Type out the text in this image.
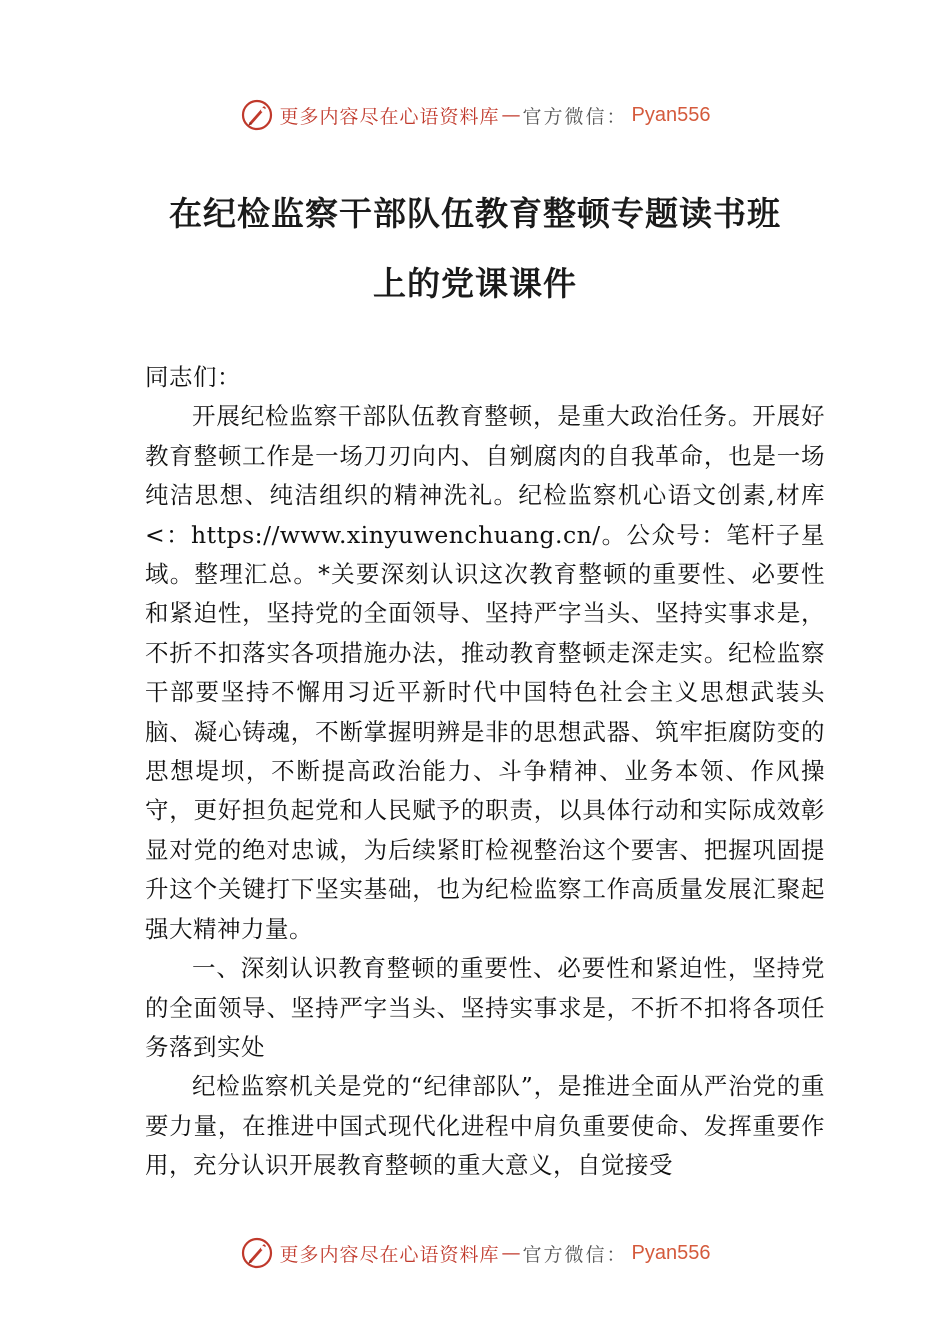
更多内容尽在心语资料库 — 官方微信： Pyan556
在纪检监察干部队伍教育整顿专题读书班
上的党课课件

同志们：

开展纪检监察干部队伍教育整顿，是重大政治任务。开展好教育整顿工作是一场刀刃向内、自剜腐肉的自我革命，也是一场纯洁思想、纯洁组织的精神洗礼。纪检监察机心语文创素,材库<：https://www.xinyuwenchuang.cn/。公众号：笔杆子星域。整理汇总。*关要深刻认识这次教育整顿的重要性、必要性和紧迫性，坚持党的全面领导、坚持严字当头、坚持实事求是，不折不扣落实各项措施办法，推动教育整顿走深走实。纪检监察干部要坚持不懈用习近平新时代中国特色社会主义思想武装头脑、凝心铸魂，不断掌握明辨是非的思想武器、筑牢拒腐防变的思想堤坝，不断提高政治能力、斗争精神、业务本领、作风操守，更好担负起党和人民赋予的职责，以具体行动和实际成效彰显对党的绝对忠诚，为后续紧盯检视整治这个要害、把握巩固提升这个关键打下坚实基础，也为纪检监察工作高质量发展汇聚起强大精神力量。

一、深刻认识教育整顿的重要性、必要性和紧迫性，坚持党的全面领导、坚持严字当头、坚持实事求是，不折不扣将各项任务落到实处

纪检监察机关是党的“纪律部队”，是推进全面从严治党的重要力量，在推进中国式现代化进程中肩负重要使命、发挥重要作用，充分认识开展教育整顿的重大意义，自觉接受

更多内容尽在心语资料库 — 官方微信： Pyan556
